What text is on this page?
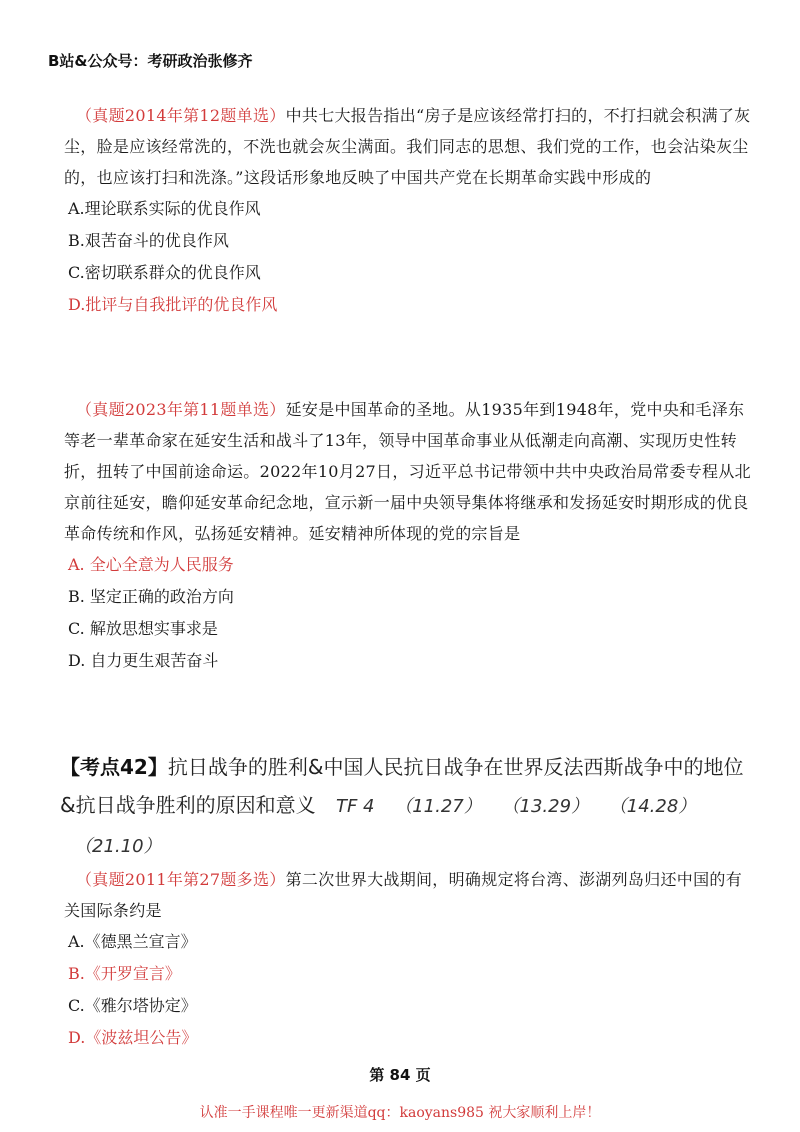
B站&公众号：考研政治张修齐

（真题2014年第12题单选）中共七大报告指出“房子是应该经常打扫的，不打扫就会积满了灰尘，脸是应该经常洗的，不洗也就会灰尘满面。我们同志的思想、我们党的工作，也会沾染灰尘的，也应该打扫和洗涤。”这段话形象地反映了中国共产党在长期革命实践中形成的

A.理论联系实际的优良作风

B.艰苦奋斗的优良作风

C.密切联系群众的优良作风

D.批评与自我批评的优良作风

（真题2023年第11题单选）延安是中国革命的圣地。从1935年到1948年，党中央和毛泽东等老一辈革命家在延安生活和战斗了13年，领导中国革命事业从低潮走向高潮、实现历史性转折，扭转了中国前途命运。2022年10月27日，习近平总书记带领中共中央政治局常委专程从北京前往延安，瞻仰延安革命纪念地，宣示新一届中央领导集体将继承和发扬延安时期形成的优良革命传统和作风，弘扬延安精神。延安精神所体现的党的宗旨是

A. 全心全意为人民服务

B. 坚定正确的政治方向

C. 解放思想实事求是

D. 自力更生艰苦奋斗

【考点42】抗日战争的胜利&中国人民抗日战争在世界反法西斯战争中的地位&抗日战争胜利的原因和意义 TF 4 （11.27） （13.29） （14.28） （21.10）

（真题2011年第27题多选）第二次世界大战期间，明确规定将台湾、澎湖列岛归还中国的有关国际条约是

A.《德黑兰宣言》

B.《开罗宣言》

C.《雅尔塔协定》

D.《波兹坦公告》

第 84 页
认准一手课程唯一更新渠道qq：kaoyans985 祝大家顺利上岸！
